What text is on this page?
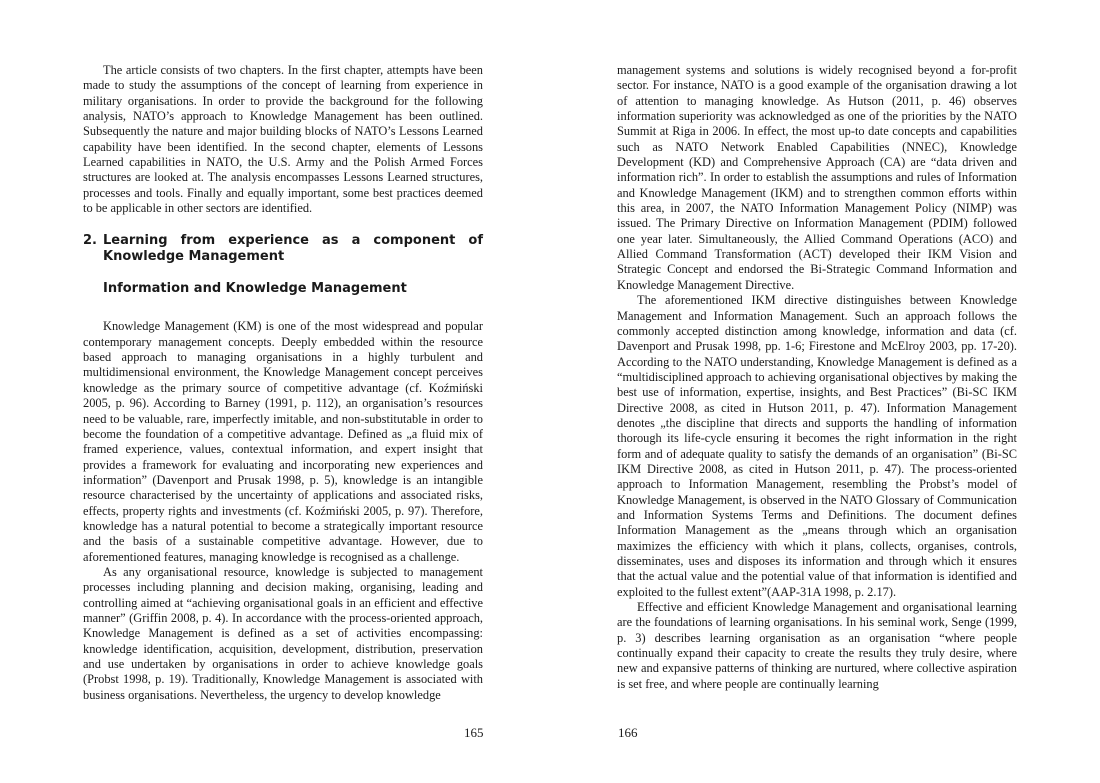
The article consists of two chapters. In the first chapter, attempts have been made to study the assumptions of the concept of learning from experience in military organisations. In order to provide the background for the following analysis, NATO’s approach to Knowledge Management has been outlined. Subsequently the nature and major building blocks of NATO’s Lessons Learned capability have been identified. In the second chapter, elements of Lessons Learned capabilities in NATO, the U.S. Army and the Polish Armed Forces structures are looked at. The analysis encompasses Lessons Learned structures, processes and tools. Finally and equally important, some best practices deemed to be applicable in other sectors are identified.

2. Learning from experience as a component of Knowledge Management
Information and Knowledge Management

Knowledge Management (KM) is one of the most widespread and popular contemporary management concepts. Deeply embedded within the resource based approach to managing organisations in a highly turbulent and multidimensional environment, the Knowledge Management concept perceives knowledge as the primary source of competitive advantage (cf. Koźmiński 2005, p. 96). According to Barney (1991, p. 112), an organisation’s resources need to be valuable, rare, imperfectly imitable, and non-substitutable in order to become the foundation of a competitive advantage. Defined as „a fluid mix of framed experience, values, contextual information, and expert insight that provides a framework for evaluating and incorporating new experiences and information” (Davenport and Prusak 1998, p. 5), knowledge is an intangible resource characterised by the uncertainty of applications and associated risks, effects, property rights and investments (cf. Koźmiński 2005, p. 97). Therefore, knowledge has a natural potential to become a strategically important resource and the basis of a sustainable competitive advantage. However, due to aforementioned features, managing knowledge is recognised as a challenge.

As any organisational resource, knowledge is subjected to management processes including planning and decision making, organising, leading and controlling aimed at “achieving organisational goals in an efficient and effective manner” (Griffin 2008, p. 4). In accordance with the process-oriented approach, Knowledge Management is defined as a set of activities encompassing: knowledge identification, acquisition, development, distribution, preservation and use undertaken by organisations in order to achieve knowledge goals (Probst 1998, p. 19). Traditionally, Knowledge Management is associated with business organisations. Nevertheless, the urgency to develop knowledge

165

management systems and solutions is widely recognised beyond a for-profit sector. For instance, NATO is a good example of the organisation drawing a lot of attention to managing knowledge. As Hutson (2011, p. 46) observes information superiority was acknowledged as one of the priorities by the NATO Summit at Riga in 2006. In effect, the most up-to date concepts and capabilities such as NATO Network Enabled Capabilities (NNEC), Knowledge Development (KD) and Comprehensive Approach (CA) are “data driven and information rich”. In order to establish the assumptions and rules of Information and Knowledge Management (IKM) and to strengthen common efforts within this area, in 2007, the NATO Information Management Policy (NIMP) was issued. The Primary Directive on Information Management (PDIM) followed one year later. Simultaneously, the Allied Command Operations (ACO) and Allied Command Transformation (ACT) developed their IKM Vision and Strategic Concept and endorsed the Bi-Strategic Command Information and Knowledge Management Directive.

The aforementioned IKM directive distinguishes between Knowledge Management and Information Management. Such an approach follows the commonly accepted distinction among knowledge, information and data (cf. Davenport and Prusak 1998, pp. 1-6; Firestone and McElroy 2003, pp. 17-20). According to the NATO understanding, Knowledge Management is defined as a “multidisciplined approach to achieving organisational objectives by making the best use of information, expertise, insights, and Best Practices” (Bi-SC IKM Directive 2008, as cited in Hutson 2011, p. 47). Information Management denotes „the discipline that directs and supports the handling of information thorough its life-cycle ensuring it becomes the right information in the right form and of adequate quality to satisfy the demands of an organisation” (Bi-SC IKM Directive 2008, as cited in Hutson 2011, p. 47). The process-oriented approach to Information Management, resembling the Probst’s model of Knowledge Management, is observed in the NATO Glossary of Communication and Information Systems Terms and Definitions. The document defines Information Management as the „means through which an organisation maximizes the efficiency with which it plans, collects, organises, controls, disseminates, uses and disposes its information and through which it ensures that the actual value and the potential value of that information is identified and exploited to the fullest extent”(AAP-31A 1998, p. 2.17).

Effective and efficient Knowledge Management and organisational learning are the foundations of learning organisations. In his seminal work, Senge (1999, p. 3) describes learning organisation as an organisation “where people continually expand their capacity to create the results they truly desire, where new and expansive patterns of thinking are nurtured, where collective aspiration is set free, and where people are continually learning

166
